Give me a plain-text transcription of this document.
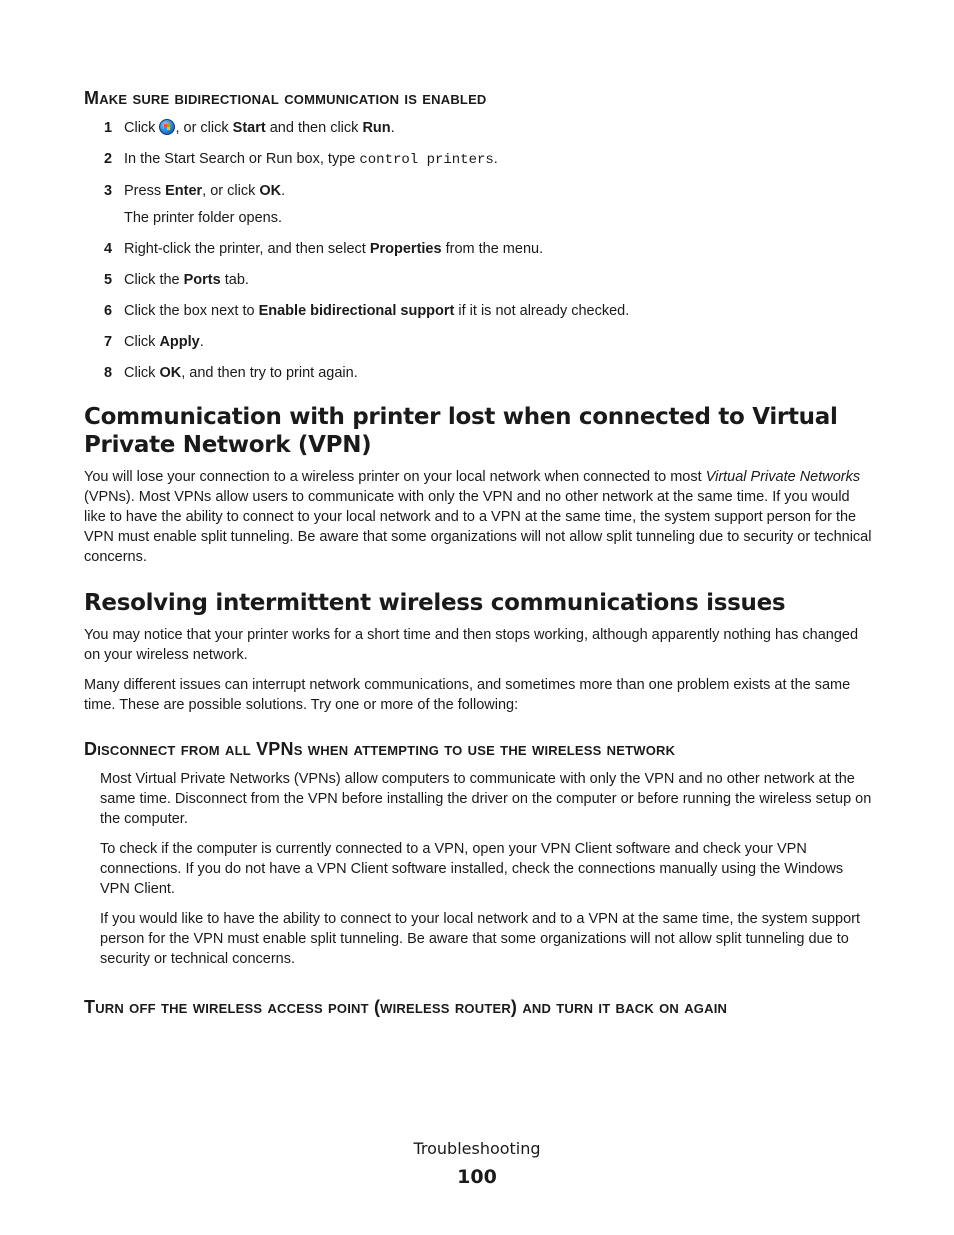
Make sure bidirectional communication is enabled
1 Click , or click Start and then click Run.
2 In the Start Search or Run box, type control printers.
3 Press Enter, or click OK.
The printer folder opens.
4 Right-click the printer, and then select Properties from the menu.
5 Click the Ports tab.
6 Click the box next to Enable bidirectional support if it is not already checked.
7 Click Apply.
8 Click OK, and then try to print again.
Communication with printer lost when connected to Virtual Private Network (VPN)

You will lose your connection to a wireless printer on your local network when connected to most Virtual Private Networks (VPNs). Most VPNs allow users to communicate with only the VPN and no other network at the same time. If you would like to have the ability to connect to your local network and to a VPN at the same time, the system support person for the VPN must enable split tunneling. Be aware that some organizations will not allow split tunneling due to security or technical concerns.

Resolving intermittent wireless communications issues

You may notice that your printer works for a short time and then stops working, although apparently nothing has changed on your wireless network.

Many different issues can interrupt network communications, and sometimes more than one problem exists at the same time. These are possible solutions. Try one or more of the following:

Disconnect from all VPNs when attempting to use the wireless network

Most Virtual Private Networks (VPNs) allow computers to communicate with only the VPN and no other network at the same time. Disconnect from the VPN before installing the driver on the computer or before running the wireless setup on the computer.

To check if the computer is currently connected to a VPN, open your VPN Client software and check your VPN connections. If you do not have a VPN Client software installed, check the connections manually using the Windows VPN Client.

If you would like to have the ability to connect to your local network and to a VPN at the same time, the system support person for the VPN must enable split tunneling. Be aware that some organizations will not allow split tunneling due to security or technical concerns.

Turn off the wireless access point (wireless router) and turn it back on again
Troubleshooting
100
